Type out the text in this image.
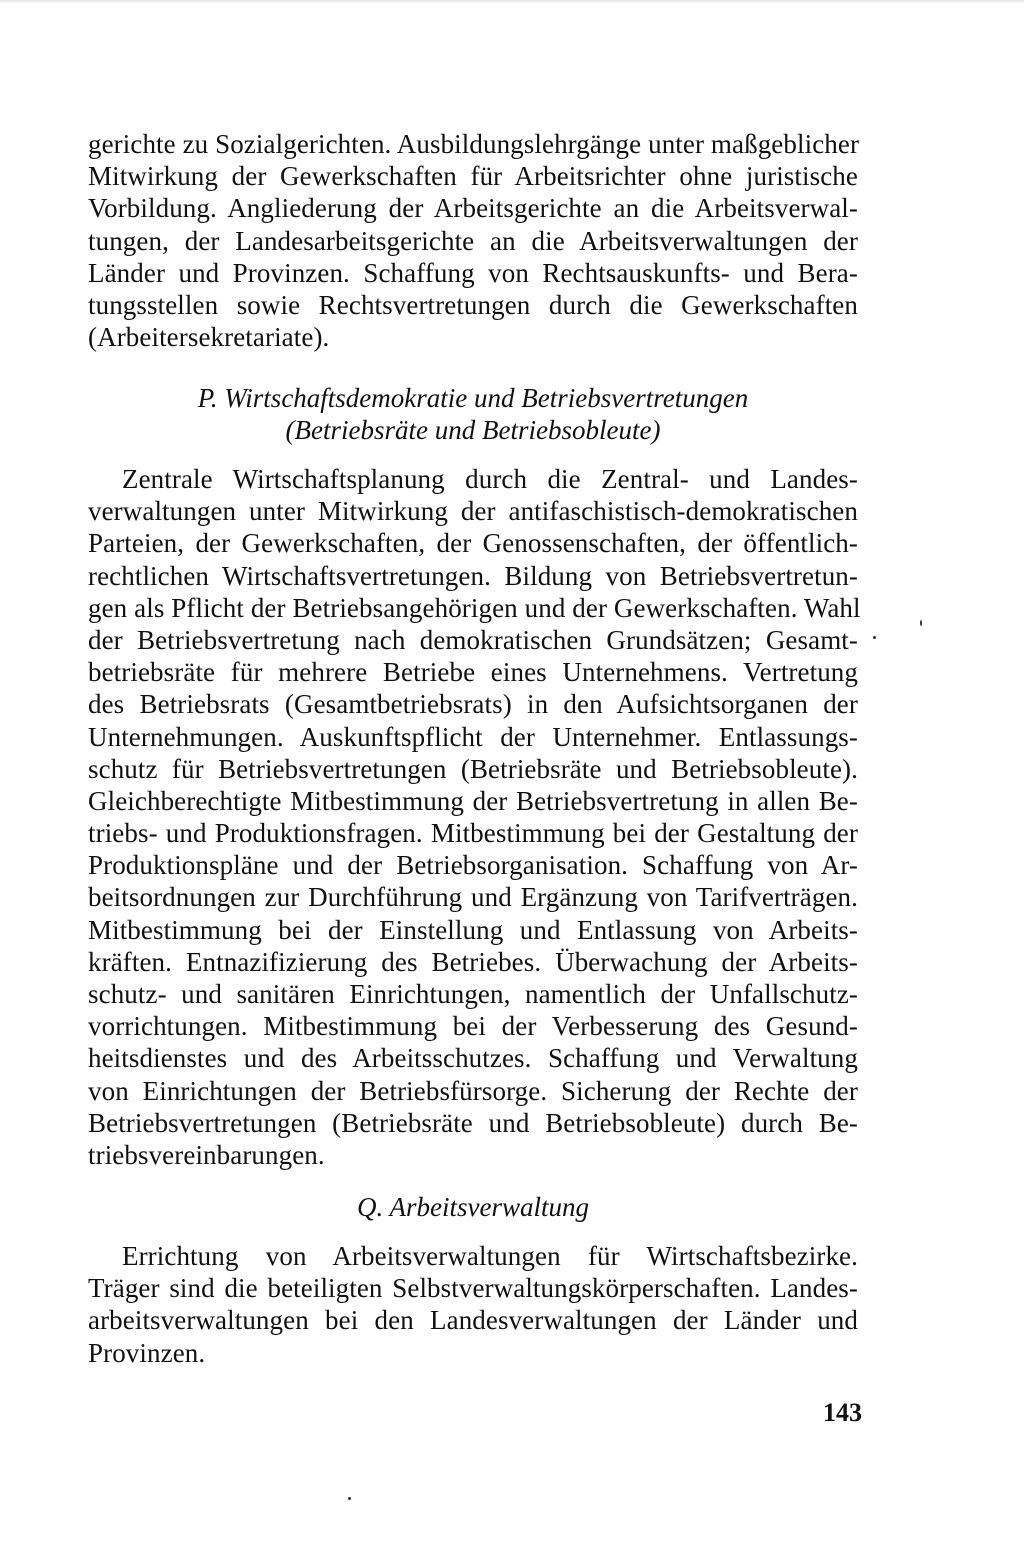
gerichte zu Sozialgerichten. Ausbildungslehrgänge unter maßgeblicher
Mitwirkung der Gewerkschaften für Arbeitsrichter ohne juristische
Vorbildung. Angliederung der Arbeitsgerichte an die Arbeitsverwal-
tungen, der Landesarbeitsgerichte an die Arbeitsverwaltungen der
Länder und Provinzen. Schaffung von Rechtsauskunfts- und Bera-
tungsstellen sowie Rechtsvertretungen durch die Gewerkschaften
(Arbeitersekretariate).
P. Wirtschaftsdemokratie und Betriebsvertretungen
(Betriebsräte und Betriebsobleute)
Zentrale Wirtschaftsplanung durch die Zentral- und Landes-
verwaltungen unter Mitwirkung der antifaschistisch-demokratischen
Parteien, der Gewerkschaften, der Genossenschaften, der öffentlich-
rechtlichen Wirtschaftsvertretungen. Bildung von Betriebsvertretun-
gen als Pflicht der Betriebsangehörigen und der Gewerkschaften. Wahl
der Betriebsvertretung nach demokratischen Grundsätzen; Gesamt-
betriebsräte für mehrere Betriebe eines Unternehmens. Vertretung
des Betriebsrats (Gesamtbetriebsrats) in den Aufsichtsorganen der
Unternehmungen. Auskunftspflicht der Unternehmer. Entlassungs-
schutz für Betriebsvertretungen (Betriebsräte und Betriebsobleute).
Gleichberechtigte Mitbestimmung der Betriebsvertretung in allen Be-
triebs- und Produktionsfragen. Mitbestimmung bei der Gestaltung der
Produktionspläne und der Betriebsorganisation. Schaffung von Ar-
beitsordnungen zur Durchführung und Ergänzung von Tarifverträgen.
Mitbestimmung bei der Einstellung und Entlassung von Arbeits-
kräften. Entnazifizierung des Betriebes. Überwachung der Arbeits-
schutz- und sanitären Einrichtungen, namentlich der Unfallschutz-
vorrichtungen. Mitbestimmung bei der Verbesserung des Gesund-
heitsdienstes und des Arbeitsschutzes. Schaffung und Verwaltung
von Einrichtungen der Betriebsfürsorge. Sicherung der Rechte der
Betriebsvertretungen (Betriebsräte und Betriebsobleute) durch Be-
triebsvereinbarungen.
Q. Arbeitsverwaltung
Errichtung von Arbeitsverwaltungen für Wirtschaftsbezirke.
Träger sind die beteiligten Selbstverwaltungskörperschaften. Landes-
arbeitsverwaltungen bei den Landesverwaltungen der Länder und
Provinzen.
143
